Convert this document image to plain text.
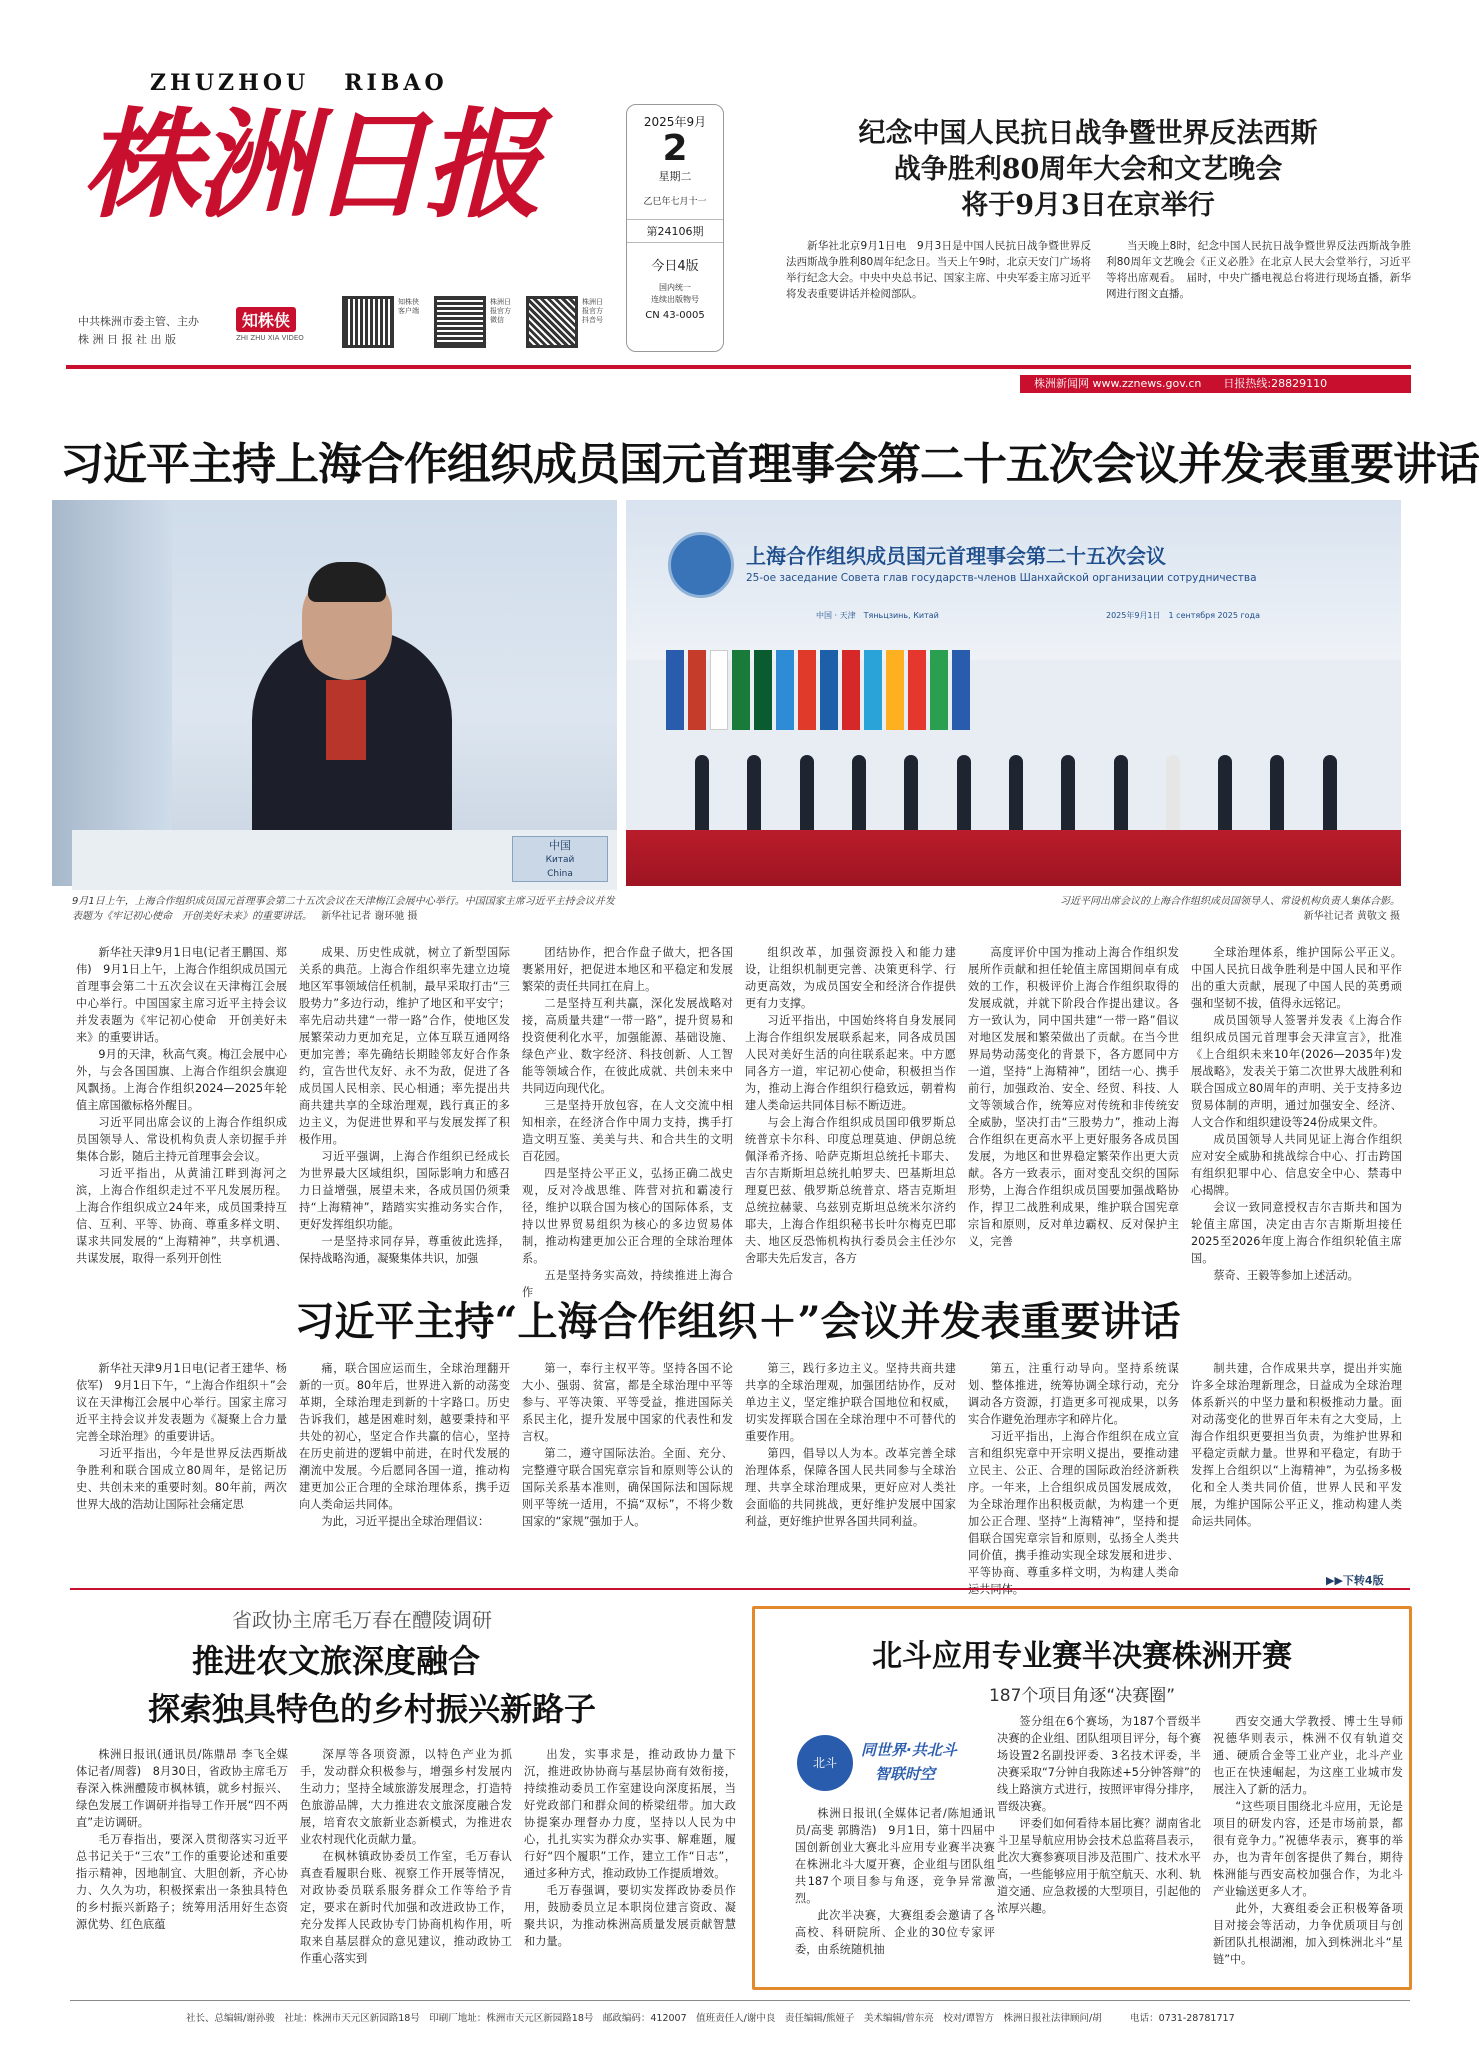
ZHUZHOU   RIBAO
株洲日报
中共株洲市委主管、主办
株 洲 日 报 社 出 版
知株侠
ZHI ZHU XIA VIDEO
知株侠客户端
株洲日报官方微信
株洲日报官方抖音号
2025年9月
2
星期二
乙巳年七月十一
第24106期
今日4版
国内统一
连续出版物号
CN 43-0005
纪念中国人民抗日战争暨世界反法西斯
战争胜利80周年大会和文艺晚会
将于9月3日在京举行

新华社北京9月1日电　9月3日是中国人民抗日战争暨世界反法西斯战争胜利80周年纪念日。当天上午9时，北京天安门广场将举行纪念大会。中央中央总书记、国家主席、中央军委主席习近平将发表重要讲话并检阅部队。

当天晚上8时，纪念中国人民抗日战争暨世界反法西斯战争胜利80周年文艺晚会《正义必胜》在北京人民大会堂举行，习近平等将出席观看。　届时，中央广播电视总台将进行现场直播，新华网进行图文直播。

株洲新闻网 www.zznews.gov.cn 日报热线:28829110
习近平主持上海合作组织成员国元首理事会第二十五次会议并发表重要讲话
中国
Китай
China
上海合作组织成员国元首理事会第二十五次会议
25-ое заседание Совета глав государств-членов Шанхайской организации сотрудничества
中国 · 天津　Тяньцзинь, Китай	2025年9月1日　1 сентября 2025 года
9月1日上午，上海合作组织成员国元首理事会第二十五次会议在天津梅江会展中心举行。中国国家主席习近平主持会议并发表题为《牢记初心使命　开创美好未来》的重要讲话。 新华社记者 谢环驰 摄
习近平同出席会议的上海合作组织成员国领导人、常设机构负责人集体合影。
新华社记者 黄敬文 摄

新华社天津9月1日电(记者王鹏国、郑伟)　9月1日上午，上海合作组织成员国元首理事会第二十五次会议在天津梅江会展中心举行。中国国家主席习近平主持会议并发表题为《牢记初心使命　开创美好未来》的重要讲话。

9月的天津，秋高气爽。梅江会展中心外，与会各国国旗、上海合作组织会旗迎风飘扬。上海合作组织2024—2025年轮值主席国徽标格外醒目。

习近平同出席会议的上海合作组织成员国领导人、常设机构负责人亲切握手并集体合影，随后主持元首理事会会议。

习近平指出，从黄浦江畔到海河之滨，上海合作组织走过不平凡发展历程。上海合作组织成立24年来，成员国秉持互信、互利、平等、协商、尊重多样文明、谋求共同发展的“上海精神”，共享机遇、共谋发展，取得一系列开创性

成果、历史性成就，树立了新型国际关系的典范。上海合作组织率先建立边境地区军事领域信任机制，最早采取打击“三股势力”多边行动，维护了地区和平安宁；率先启动共建“一带一路”合作，使地区发展繁荣动力更加充足，立体互联互通网络更加完善；率先确结长期睦邻友好合作条约，宣告世代友好、永不为敌，促进了各成员国人民相亲、民心相通；率先提出共商共建共享的全球治理观，践行真正的多边主义，为促进世界和平与发展发挥了积极作用。

习近平强调，上海合作组织已经成长为世界最大区域组织，国际影响力和感召力日益增强，展望未来，各成员国仍须秉持“上海精神”，踏踏实实推动务实合作，更好发挥组织功能。

一是坚持求同存异，尊重彼此选择，保持战略沟通，凝聚集体共识，加强

团结协作，把合作盘子做大，把各国裹紧用好，把促进本地区和平稳定和发展繁荣的责任共同扛在肩上。

二是坚持互利共赢，深化发展战略对接，高质量共建“一带一路”，提升贸易和投资便利化水平，加强能源、基础设施、绿色产业、数字经济、科技创新、人工智能等领域合作，在彼此成就、共创未来中共同迈向现代化。

三是坚持开放包容，在人文交流中相知相亲，在经济合作中周力支持，携手打造文明互鉴、美美与共、和合共生的文明百花园。

四是坚持公平正义，弘扬正确二战史观，反对冷战思维、阵营对抗和霸凌行径，维护以联合国为核心的国际体系，支持以世界贸易组织为核心的多边贸易体制，推动构建更加公正合理的全球治理体系。

五是坚持务实高效，持续推进上海合作

组织改革，加强资源投入和能力建设，让组织机制更完善、决策更科学、行动更高效，为成员国安全和经济合作提供更有力支撑。

习近平指出，中国始终将自身发展同上海合作组织发展联系起来，同各成员国人民对美好生活的向往联系起来。中方愿同各方一道，牢记初心使命，积极担当作为，推动上海合作组织行稳致远，朝着构建人类命运共同体目标不断迈进。

与会上海合作组织成员国印俄罗斯总统普京卡尔科、印度总理莫迪、伊朗总统佩泽希齐扬、哈萨克斯坦总统托卡耶夫、吉尔吉斯斯坦总统扎帕罗夫、巴基斯坦总理夏巴兹、俄罗斯总统普京、塔吉克斯坦总统拉赫蒙、乌兹别克斯坦总统米尔济约耶夫，上海合作组织秘书长叶尔梅克巴耶夫、地区反恐怖机构执行委员会主任沙尔舍耶夫先后发言，各方

高度评价中国为推动上海合作组织发展所作贡献和担任轮值主席国期间卓有成效的工作，积极评价上海合作组织取得的发展成就，并就下阶段合作提出建议。各方一致认为，同中国共建“一带一路”倡议对地区发展和繁荣做出了贡献。在当今世界局势动荡变化的背景下，各方愿同中方一道，坚持“上海精神”，团结一心、携手前行，加强政治、安全、经贸、科技、人文等领域合作，统筹应对传统和非传统安全威胁，坚决打击“三股势力”，推动上海合作组织在更高水平上更好服务各成员国发展，为地区和世界稳定繁荣作出更大贡献。各方一致表示，面对变乱交织的国际形势，上海合作组织成员国要加强战略协作，捍卫二战胜利成果，维护联合国宪章宗旨和原则，反对单边霸权、反对保护主义，完善

全球治理体系，维护国际公平正义。中国人民抗日战争胜利是中国人民和平作出的重大贡献，展现了中国人民的英勇顽强和坚韧不拔，值得永远铭记。

成员国领导人签署并发表《上海合作组织成员国元首理事会天津宣言》，批准《上合组织未来10年(2026—2035年)发展战略》，发表关于第二次世界大战胜利和联合国成立80周年的声明、关于支持多边贸易体制的声明，通过加强安全、经济、人文合作和组织建设等24份成果文件。

成员国领导人共同见证上海合作组织应对安全威胁和挑战综合中心、打击跨国有组织犯罪中心、信息安全中心、禁毒中心揭牌。

会议一致同意授权吉尔吉斯共和国为轮值主席国，决定由吉尔吉斯斯坦接任2025至2026年度上海合作组织轮值主席国。

蔡奇、王毅等参加上述活动。

习近平主持“上海合作组织＋”会议并发表重要讲话

新华社天津9月1日电(记者王建华、杨依军)　9月1日下午，“上海合作组织＋”会议在天津梅江会展中心举行。国家主席习近平主持会议并发表题为《凝聚上合力量　完善全球治理》的重要讲话。

习近平指出，今年是世界反法西斯战争胜利和联合国成立80周年，是铭记历史、共创未来的重要时刻。80年前，两次世界大战的浩劫让国际社会痛定思

痛，联合国应运而生，全球治理翻开新的一页。80年后，世界进入新的动荡变革期，全球治理走到新的十字路口。历史告诉我们，越是困难时刻，越要秉持和平共处的初心，坚定合作共赢的信心，坚持在历史前进的逻辑中前进，在时代发展的潮流中发展。今后愿同各国一道，推动构建更加公正合理的全球治理体系，携手迈向人类命运共同体。

为此，习近平提出全球治理倡议：

第一，奉行主权平等。坚持各国不论大小、强弱、贫富，都是全球治理中平等参与、平等决策、平等受益，推进国际关系民主化，提升发展中国家的代表性和发言权。

第二，遵守国际法治。全面、充分、完整遵守联合国宪章宗旨和原则等公认的国际关系基本准则，确保国际法和国际规则平等统一适用，不搞“双标”，不将少数国家的“家规”强加于人。

第三，践行多边主义。坚持共商共建共享的全球治理观，加强团结协作，反对单边主义，坚定维护联合国地位和权威，切实发挥联合国在全球治理中不可替代的重要作用。

第四，倡导以人为本。改革完善全球治理体系，保障各国人民共同参与全球治理、共享全球治理成果，更好应对人类社会面临的共同挑战，更好维护发展中国家利益，更好维护世界各国共同利益。

第五，注重行动导向。坚持系统谋划、整体推进，统筹协调全球行动，充分调动各方资源，打造更多可视成果，以务实合作避免治理赤字和碎片化。

习近平指出，上海合作组织在成立宣言和组织宪章中开宗明义提出，要推动建立民主、公正、合理的国际政治经济新秩序。一年来，上合组织成员国发展成效，为全球治理作出积极贡献，为构建一个更加公正合理、坚持“上海精神”，坚持和提倡联合国宪章宗旨和原则，弘扬全人类共同价值，携手推动实现全球发展和进步、平等协商、尊重多样文明，为构建人类命

制共建，合作成果共享，提出并实施许多全球治理新理念，日益成为全球治理体系新兴的中坚力量和积极推动力量。面对动荡变化的世界百年未有之大变局，上海合作组织更要担当负责，为维护世界和平稳定贡献力量。世界和平稳定，有助于发挥上合组织以“上海精神”，为弘扬多极化和全人类共同价值，世界人民和平发展，为维护国际公平正义，推动构建人类命运共同体。

▶▶下转4版
省政协主席毛万春在醴陵调研
推进农文旅深度融合
探索独具特色的乡村振兴新路子

株洲日报讯(通讯员/陈鼎昂 李飞全媒体记者/周蓉)　8月30日，省政协主席毛万春深入株洲醴陵市枫林镇，就乡村振兴、绿色发展工作调研并指导工作开展“四不两直”走访调研。

毛万春指出，要深入贯彻落实习近平总书记关于“三农”工作的重要论述和重要指示精神，因地制宜、大胆创新，齐心协力、久久为功，积极探索出一条独具特色的乡村振兴新路子；统筹用活用好生态资源优势、红色底蕴

深厚等各项资源，以特色产业为抓手，发动群众积极参与，增强乡村发展内生动力；坚持全域旅游发展理念，打造特色旅游品牌，大力推进农文旅深度融合发展，培育农文旅新业态新模式，为推进农业农村现代化贡献力量。

在枫林镇政协委员工作室，毛万春认真查看履职台账、视察工作开展等情况，对政协委员联系服务群众工作等给予肯定，要求在新时代加强和改进政协工作，充分发挥人民政协专门协商机构作用，听取来自基层群众的意见建议，推动政协工作重心落实到

出发，实事求是，推动政协力量下沉，推进政协协商与基层协商有效衔接，持续推动委员工作室建设向深度拓展，当好党政部门和群众间的桥梁纽带。加大政协提案办理督办力度，坚持以人民为中心，扎扎实实为群众办实事、解难题，履行好“四个履职”工作，建立工作“日志”，通过多种方式，推动政协工作提质增效。

毛万春强调，要切实发挥政协委员作用，鼓励委员立足本职岗位建言资政、凝聚共识，为推动株洲高质量发展贡献智慧和力量。

北斗应用专业赛半决赛株洲开赛
187个项目角逐“决赛圈”
北斗
同世界·共北斗
智联时空

株洲日报讯(全媒体记者/陈旭通讯员/高斐 郭腾浩)　9月1日，第十四届中国创新创业大赛北斗应用专业赛半决赛在株洲北斗大厦开赛，企业组与团队组共187个项目参与角逐，竞争异常激烈。

此次半决赛，大赛组委会邀请了各高校、科研院所、企业的30位专家评委，由系统随机抽

签分组在6个赛场，为187个晋级半决赛的企业组、团队组项目评分，每个赛场设置2名副投评委、3名技术评委，半决赛采取“7分钟自我陈述+5分钟答辩”的线上路演方式进行，按照评审得分排序，晋级决赛。

评委们如何看待本届比赛？湖南省北斗卫星导航应用协会技术总监蒋昌表示，此次大赛参赛项目涉及范围广、技术水平高，一些能够应用于航空航天、水利、轨道交通、应急救援的大型项目，引起他的浓厚兴趣。

西安交通大学教授、博士生导师祝德华则表示，株洲不仅有轨道交通、硬质合金等工业产业，北斗产业也正在快速崛起，为这座工业城市发展注入了新的活力。

“这些项目围绕北斗应用，无论是项目的研发内容，还是市场前景，都很有竞争力。”祝德华表示，赛事的举办，也为青年创客提供了舞台，期待株洲能与西安高校加强合作，为北斗产业输送更多人才。

此外，大赛组委会正积极筹备项目对接会等活动，力争优质项目与创新团队扎根湖湘，加入到株洲北斗“星链”中。

社长、总编辑/谢孙骏　社址：株洲市天元区新园路18号　印刷厂地址：株洲市天元区新园路18号　邮政编码：412007　值班责任人/谢中良　责任编辑/熊娅子　美术编辑/曾东亮　校对/谭智方　株洲日报社法律顾问/胡　　　电话：0731-28781717
